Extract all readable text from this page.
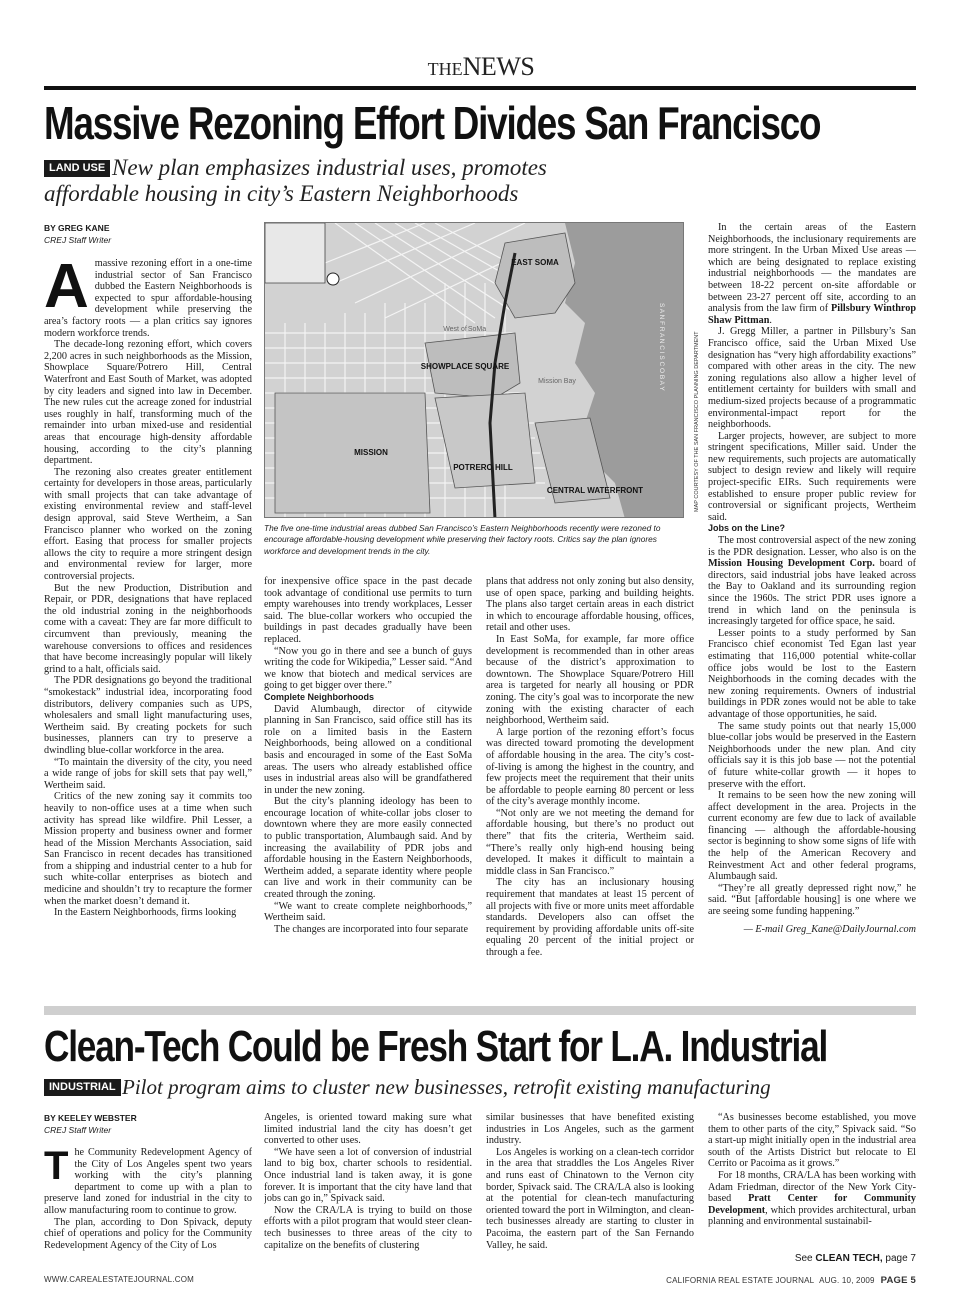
THENEWS
Massive Rezoning Effort Divides San Francisco
LAND USE New plan emphasizes industrial uses, promotes
affordable housing in city’s Eastern Neighborhoods
BY GREG KANE
CREJ Staff Writer

Amassive rezoning effort in a one-time industrial sector of San Francisco dubbed the Eastern Neighborhoods is expected to spur affordable-housing development while preserving the area’s factory roots — a plan critics say ignores modern workforce trends.

The decade-long rezoning effort, which covers 2,200 acres in such neighborhoods as the Mission, Showplace Square/Potrero Hill, Central Waterfront and East South of Market, was adopted by city leaders and signed into law in December. The new rules cut the acreage zoned for industrial uses roughly in half, transforming much of the remainder into urban mixed-use and residential areas that encourage high-density affordable housing, according to the city’s planning department.

The rezoning also creates greater entitlement certainty for developers in those areas, particularly with small projects that can take advantage of existing environmental review and staff-level design approval, said Steve Wertheim, a San Francisco planner who worked on the zoning effort. Easing that process for smaller projects allows the city to require a more stringent design and environmental review for larger, more controversial projects.

But the new Production, Distribution and Repair, or PDR, designations that have replaced the old industrial zoning in the neighborhoods come with a caveat: They are far more difficult to circumvent than previously, meaning the warehouse conversions to offices and residences that have become increasingly popular will likely grind to a halt, officials said.

The PDR designations go beyond the traditional “smokestack” industrial idea, incorporating food distributors, delivery companies such as UPS, wholesalers and small light manufacturing uses, Wertheim said. By creating pockets for such businesses, planners can try to preserve a dwindling blue-collar workforce in the area.

“To maintain the diversity of the city, you need a wide range of jobs for skill sets that pay well,” Wertheim said.

Critics of the new zoning say it commits too heavily to non-office uses at a time when such activity has spread like wildfire. Phil Lesser, a Mission property and business owner and former head of the Mission Merchants Association, said San Francisco in recent decades has transitioned from a shipping and industrial center to a hub for such white-collar enterprises as biotech and medicine and shouldn’t try to recapture the former when the market doesn’t demand it.

In the Eastern Neighborhoods, firms looking

EAST SOMA
SHOWPLACE SQUARE
MISSION
POTRERO HILL
CENTRAL WATERFRONT
S A N F R A N C I S C O B A Y
West of SoMa
Mission Bay	MAP COURTESY OF THE SAN FRANCISCO PLANNING DEPARTMENT
The five one-time industrial areas dubbed San Francisco’s Eastern Neighborhoods recently were rezoned to encourage affordable-housing development while preserving their factory roots. Critics say the plan ignores workforce and development trends in the city.

for inexpensive office space in the past decade took advantage of conditional use permits to turn empty warehouses into trendy workplaces, Lesser said. The blue-collar workers who occupied the buildings in past decades gradually have been replaced.

“Now you go in there and see a bunch of guys writing the code for Wikipedia,” Lesser said. “And we know that biotech and medical services are going to get bigger over there.”

Complete Neighborhoods

David Alumbaugh, director of citywide planning in San Francisco, said office still has its role on a limited basis in the Eastern Neighborhoods, being allowed on a conditional basis and encouraged in some of the East SoMa areas. The users who already established office uses in industrial areas also will be grandfathered in under the new zoning.

But the city’s planning ideology has been to encourage location of white-collar jobs closer to downtown where they are more easily connected to public transportation, Alumbaugh said. And by increasing the availability of PDR jobs and affordable housing in the Eastern Neighborhoods, Wertheim added, a separate identity where people can live and work in their community can be created through the zoning.

“We want to create complete neighborhoods,” Wertheim said.

The changes are incorporated into four separate

plans that address not only zoning but also density, use of open space, parking and building heights. The plans also target certain areas in each district in which to encourage affordable housing, offices, retail and other uses.

In East SoMa, for example, far more office development is recommended than in other areas because of the district’s approximation to downtown. The Showplace Square/Potrero Hill area is targeted for nearly all housing or PDR zoning. The city’s goal was to incorporate the new zoning with the existing character of each neighborhood, Wertheim said.

A large portion of the rezoning effort’s focus was directed toward promoting the development of affordable housing in the area. The city’s cost-of-living is among the highest in the country, and few projects meet the requirement that their units be affordable to people earning 80 percent or less of the city’s average monthly income.

“Not only are we not meeting the demand for affordable housing, but there’s no product out there” that fits the criteria, Wertheim said. “There’s really only high-end housing being developed. It makes it difficult to maintain a middle class in San Francisco.”

The city has an inclusionary housing requirement that mandates at least 15 percent of all projects with five or more units meet affordable standards. Developers also can offset the requirement by providing affordable units off-site equaling 20 percent of the initial project or through a fee.

In the certain areas of the Eastern Neighborhoods, the inclusionary requirements are more stringent. In the Urban Mixed Use areas — which are being designated to replace existing industrial neighborhoods — the mandates are between 18-22 percent on-site affordable or between 23-27 percent off site, according to an analysis from the law firm of Pillsbury Winthrop Shaw Pittman.

J. Gregg Miller, a partner in Pillsbury’s San Francisco office, said the Urban Mixed Use designation has “very high affordability exactions” compared with other areas in the city. The new zoning regulations also allow a higher level of entitlement certainty for builders with small and medium-sized projects because of a programmatic environmental-impact report for the neighborhoods.

Larger projects, however, are subject to more stringent specifications, Miller said. Under the new requirements, such projects are automatically subject to design review and likely will require project-specific EIRs. Such requirements were established to ensure proper public review for controversial or significant projects, Wertheim said.

Jobs on the Line?

The most controversial aspect of the new zoning is the PDR designation. Lesser, who also is on the Mission Housing Development Corp. board of directors, said industrial jobs have leaked across the Bay to Oakland and its surrounding region since the 1960s. The strict PDR uses ignore a trend in which land on the peninsula is increasingly targeted for office space, he said.

Lesser points to a study performed by San Francisco chief economist Ted Egan last year estimating that 116,000 potential white-collar office jobs would be lost to the Eastern Neighborhoods in the coming decades with the new zoning requirements. Owners of industrial buildings in PDR zones would not be able to take advantage of those opportunities, he said.

The same study points out that nearly 15,000 blue-collar jobs would be preserved in the Eastern Neighborhoods under the new plan. And city officials say it is this job base — not the potential of future white-collar growth — it hopes to preserve with the effort.

It remains to be seen how the new zoning will affect development in the area. Projects in the current economy are few due to lack of available financing — although the affordable-housing sector is beginning to show some signs of life with the help of the American Recovery and Reinvestment Act and other federal programs, Alumbaugh said.

“They’re all greatly depressed right now,” he said. “But [affordable housing] is one where we are seeing some funding happening.”

— E-mail Greg_Kane@DailyJournal.com

Clean-Tech Could be Fresh Start for L.A. Industrial
INDUSTRIAL Pilot program aims to cluster new businesses, retrofit existing manufacturing
BY KEELEY WEBSTER
CREJ Staff Writer

The Community Redevelopment Agency of the City of Los Angeles spent two years working with the city’s planning department to come up with a plan to preserve land zoned for industrial in the city to allow manufacturing room to continue to grow.

The plan, according to Don Spivack, deputy chief of operations and policy for the Community Redevelopment Agency of the City of Los

Angeles, is oriented toward making sure what limited industrial land the city has doesn’t get converted to other uses.

“We have seen a lot of conversion of industrial land to big box, charter schools to residential. Once industrial land is taken away, it is gone forever. It is important that the city have land that jobs can go in,” Spivack said.

Now the CRA/LA is trying to build on those efforts with a pilot program that would steer clean-tech businesses to three areas of the city to capitalize on the benefits of clustering

similar businesses that have benefited existing industries in Los Angeles, such as the garment industry.

Los Angeles is working on a clean-tech corridor in the area that straddles the Los Angeles River and runs east of Chinatown to the Vernon city border, Spivack said. The CRA/LA also is looking at the potential for clean-tech manufacturing oriented toward the port in Wilmington, and clean-tech businesses already are starting to cluster in Pacoima, the eastern part of the San Fernando Valley, he said.

“As businesses become established, you move them to other parts of the city,” Spivack said. “So a start-up might initially open in the industrial area south of the Artists District but relocate to El Cerrito or Pacoima as it grows.”

For 18 months, CRA/LA has been working with Adam Friedman, director of the New York City-based Pratt Center for Community Development, which provides architectural, urban planning and environmental sustainabil-

See CLEAN TECH, page 7
WWW.CAREALESTATEJOURNAL.COM	CALIFORNIA REAL ESTATE JOURNAL AUG. 10, 2009 PAGE 5
